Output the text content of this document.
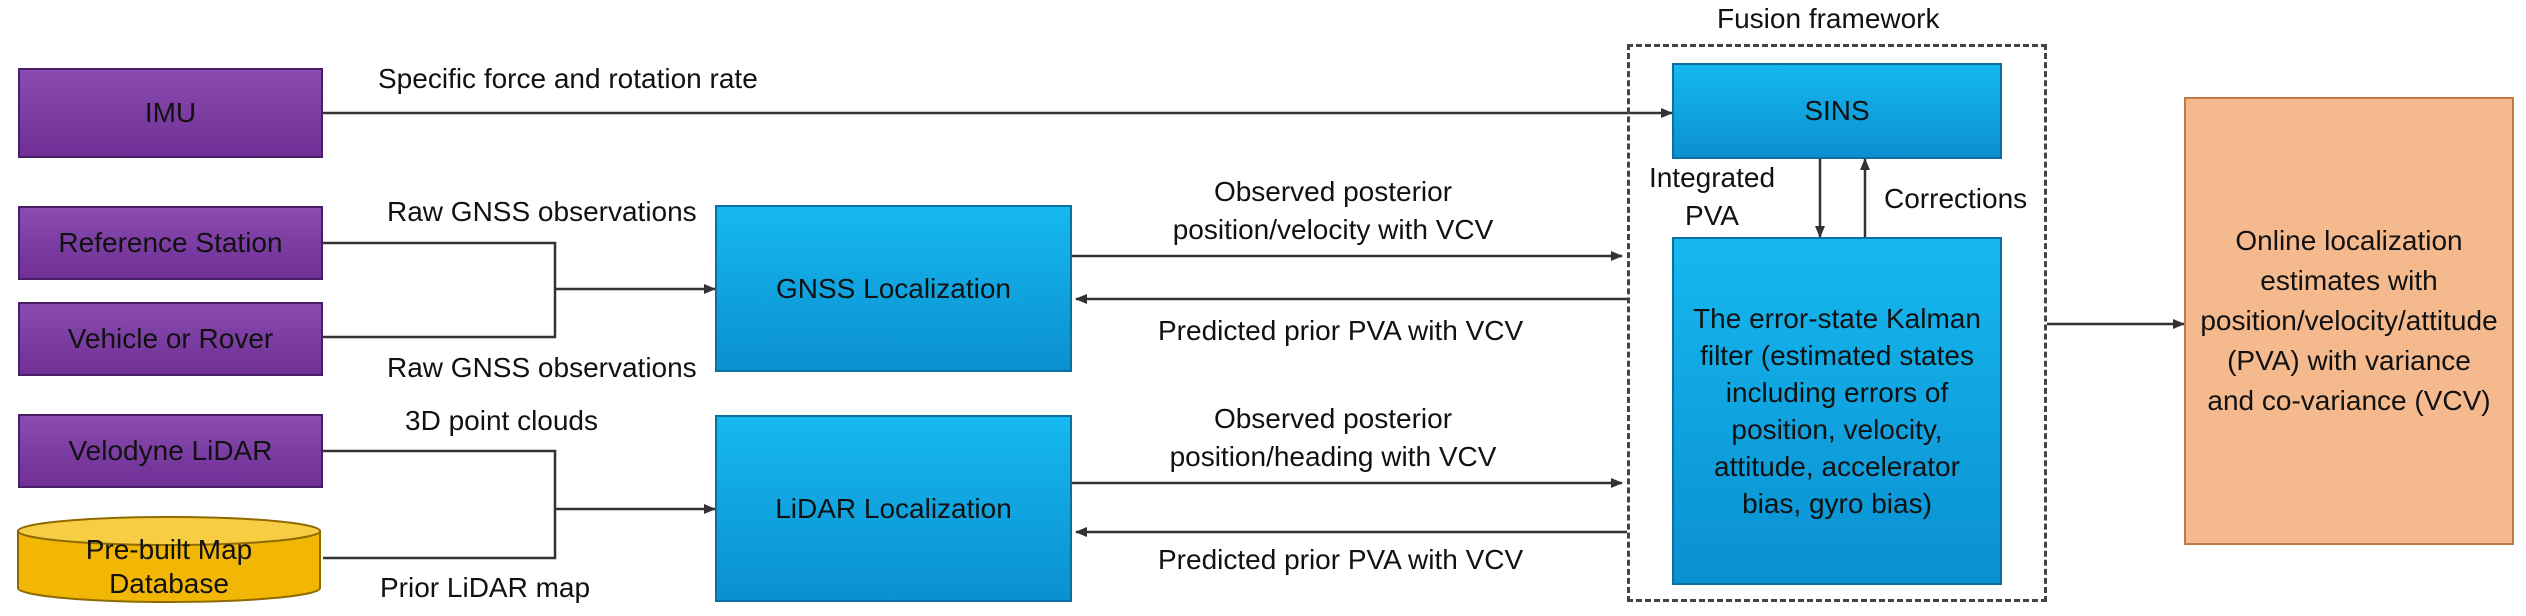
Fusion framework
IMU
Reference Station
Vehicle or Rover
Velodyne LiDAR
Pre-built Map Database
GNSS Localization
LiDAR Localization
SINS
The error-state Kalman filter (estimated states including errors of position, velocity, attitude, accelerator bias, gyro bias)
Online localization estimates with position/velocity/attitude (PVA) with variance and co-variance (VCV)
Specific force and rotation rate
Raw GNSS observations
Raw GNSS observations
Observed posterior position/velocity with VCV
Predicted prior PVA with VCV
3D point clouds
Prior LiDAR map
Observed posterior position/heading with VCV
Predicted prior PVA with VCV
Integrated PVA
Corrections
